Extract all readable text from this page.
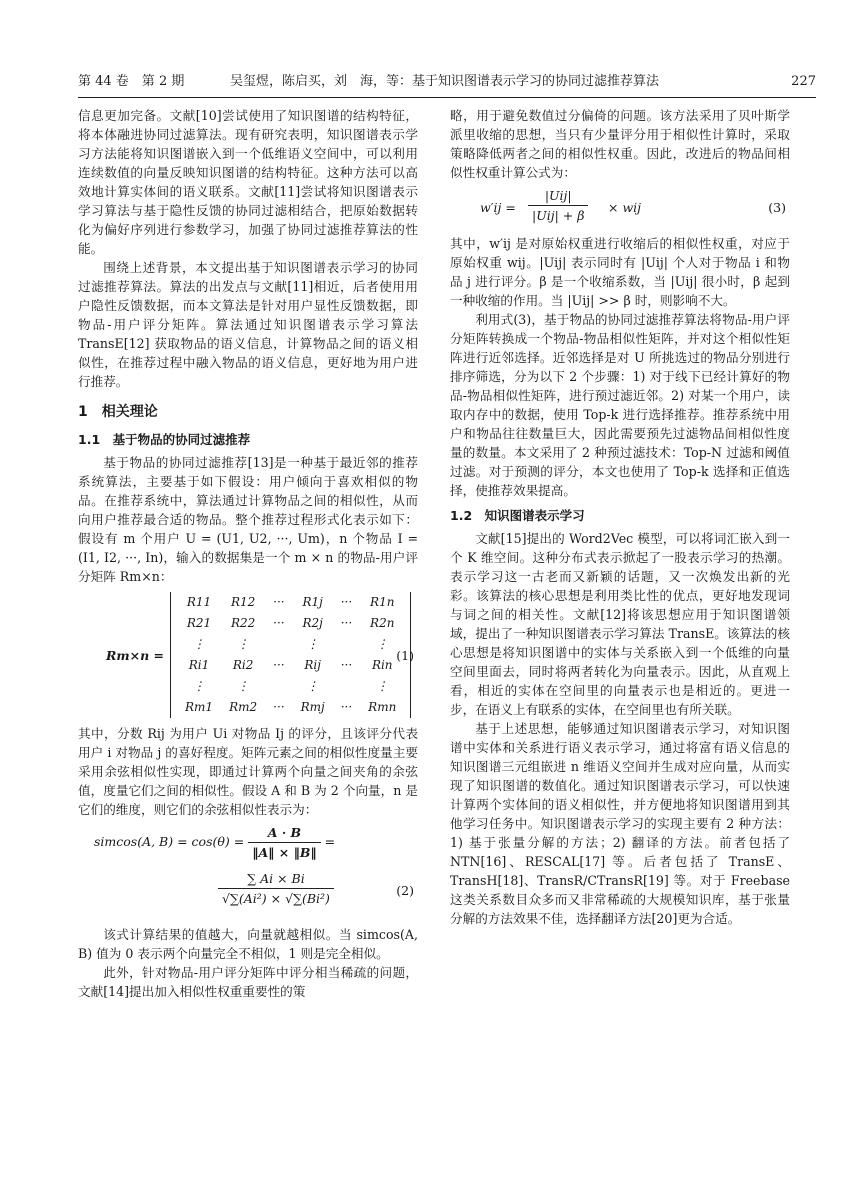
第 44 卷　第 2 期	吴玺煜，陈启买，刘　海，等：基于知识图谱表示学习的协同过滤推荐算法	227

信息更加完备。文献[10]尝试使用了知识图谱的结构特征，将本体融进协同过滤算法。现有研究表明，知识图谱表示学习方法能将知识图谱嵌入到一个低维语义空间中，可以利用连续数值的向量反映知识图谱的结构特征。这种方法可以高效地计算实体间的语义联系。文献[11]尝试将知识图谱表示学习算法与基于隐性反馈的协同过滤相结合，把原始数据转化为偏好序列进行参数学习，加强了协同过滤推荐算法的性能。

围绕上述背景，本文提出基于知识图谱表示学习的协同过滤推荐算法。算法的出发点与文献[11]相近，后者使用用户隐性反馈数据，而本文算法是针对用户显性反馈数据，即物品-用户评分矩阵。算法通过知识图谱表示学习算法 TransE[12] 获取物品的语义信息，计算物品之间的语义相似性，在推荐过程中融入物品的语义信息，更好地为用户进行推荐。

1　相关理论
1.1　基于物品的协同过滤推荐

基于物品的协同过滤推荐[13]是一种基于最近邻的推荐系统算法，主要基于如下假设：用户倾向于喜欢相似的物品。在推荐系统中，算法通过计算物品之间的相似性，从而向用户推荐最合适的物品。整个推荐过程形式化表示如下：假设有 m 个用户 U = (U1, U2, ···, Um)，n 个物品 I = (I1, I2, ···, In)，输入的数据集是一个 m × n 的物品-用户评分矩阵 Rm×n：

Rm×n =
R11	R12	···	R1j	···	R1n
R21	R22	···	R2j	···	R2n
⋮	⋮		⋮		⋮
Ri1	Ri2	···	Rij	···	Rin
⋮	⋮		⋮		⋮
Rm1	Rm2	···	Rmj	···	Rmn
(1)

其中，分数 Rij 为用户 Ui 对物品 Ij 的评分，且该评分代表用户 i 对物品 j 的喜好程度。矩阵元素之间的相似性度量主要采用余弦相似性实现，即通过计算两个向量之间夹角的余弦值，度量它们之间的相似性。假设 A 和 B 为 2 个向量，n 是它们的维度，则它们的余弦相似性表示为：

simcos(A, $B) = \cos(\theta) = \frac{A \cdot B}{‖A‖ \times ‖B‖}$ =
$\frac{\sum Ai \times Bi}{\text{√∑(Ai²) × √∑(Bi²)}}$	(2)

该式计算结果的值越大，向量就越相似。当 simcos(A, B) 值为 0 表示两个向量完全不相似，1 则是完全相似。

此外，针对物品-用户评分矩阵中评分相当稀疏的问题，文献[14]提出加入相似性权重重要性的策

略，用于避免数值过分偏倚的问题。该方法采用了贝叶斯学派里收缩的思想，当只有少量评分用于相似性计算时，采取策略降低两者之间的相似性权重。因此，改进后的物品间相似性权重计算公式为：

w′ij =
|Uij|
|Uij| + β
× wij	(3)

其中，w′ij 是对原始权重进行收缩后的相似性权重，对应于原始权重 wij。|Uij| 表示同时有 |Uij| 个人对于物品 i 和物品 j 进行评分。β 是一个收缩系数，当 |Uij| 很小时，β 起到一种收缩的作用。当 |Uij| >> β 时，则影响不大。

利用式(3)，基于物品的协同过滤推荐算法将物品-用户评分矩阵转换成一个物品-物品相似性矩阵，并对这个相似性矩阵进行近邻选择。近邻选择是对 U 所挑选过的物品分别进行排序筛选，分为以下 2 个步骤：1) 对于线下已经计算好的物品-物品相似性矩阵，进行预过滤近邻。2) 对某一个用户，读取内存中的数据，使用 Top-k 进行选择推荐。推荐系统中用户和物品往往数量巨大，因此需要预先过滤物品间相似性度量的数量。本文采用了 2 种预过滤技术：Top-N 过滤和阈值过滤。对于预测的评分，本文也使用了 Top-k 选择和正值选择，使推荐效果提高。

1.2　知识图谱表示学习

文献[15]提出的 Word2Vec 模型，可以将词汇嵌入到一个 K 维空间。这种分布式表示掀起了一股表示学习的热潮。表示学习这一古老而又新颖的话题，又一次焕发出新的光彩。该算法的核心思想是利用类比性的优点，更好地发现词与词之间的相关性。文献[12]将该思想应用于知识图谱领域，提出了一种知识图谱表示学习算法 TransE。该算法的核心思想是将知识图谱中的实体与关系嵌入到一个低维的向量空间里面去，同时将两者转化为向量表示。因此，从直观上看，相近的实体在空间里的向量表示也是相近的。更进一步，在语义上有联系的实体，在空间里也有所关联。

基于上述思想，能够通过知识图谱表示学习，对知识图谱中实体和关系进行语义表示学习，通过将富有语义信息的知识图谱三元组嵌进 n 维语义空间并生成对应向量，从而实现了知识图谱的数值化。通过知识图谱表示学习，可以快速计算两个实体间的语义相似性，并方便地将知识图谱用到其他学习任务中。知识图谱表示学习的实现主要有 2 种方法：1) 基于张量分解的方法；2) 翻译的方法。前者包括了 NTN[16]、RESCAL[17] 等。后者包括了 TransE、TransH[18]、TransR/CTransR[19] 等。对于 Freebase 这类关系数目众多而又非常稀疏的大规模知识库，基于张量分解的方法效果不佳，选择翻译方法[20]更为合适。
